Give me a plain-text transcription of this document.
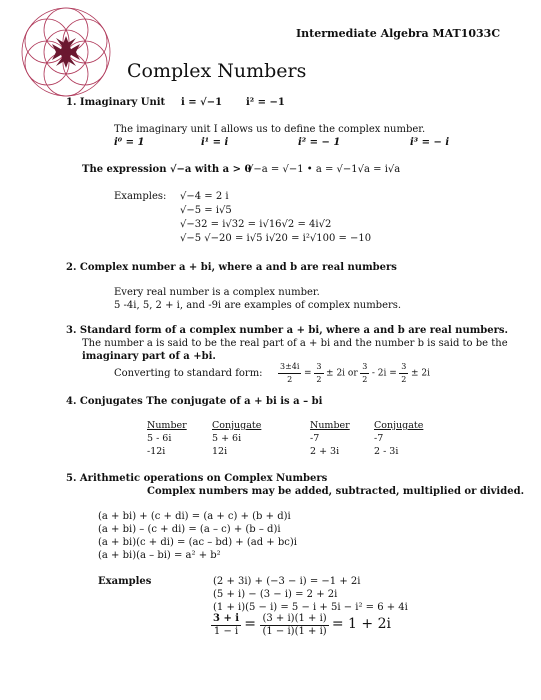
Intermediate Algebra MAT1033C
Complex Numbers
1. Imaginary Unit i = √−1 i² = −1
The imaginary unit I allows us to define the complex number.
i⁰ = 1	i¹ = i	i² = − 1	i³ = − i
The expression √−a with a > 0
√−a = √−1 • a = √−1√a = i√a
Examples: √−4 = 2 i
√−5 = i√5
√−32 = i√32 = i√16√2 = 4i√2
√−5 √−20 = i√5 i√20 = i²√100 = −10
2. Complex number a + bi, where a and b are real numbers
Every real number is a complex number.
5 -4i, 5, 2 + i, and -9i are examples of complex numbers.
3. Standard form of a complex number a + bi, where a and b are real numbers.
The number a is said to be the real part of a + bi and the number b is said to be the
imaginary part of a +bi.
Converting to standard form: $\frac{3\pm 4i}{2} = \frac{3}{2} \pm 2i$ or $\frac{3}{2} - 2i = \frac{3}{2} \pm 2i$
4. Conjugates The conjugate of a + bi is a – bi
Number	Conjugate	Number	Conjugate
5 - 6i	5 + 6i	-7	-7
-12i	12i	2 + 3i	2 - 3i
5. Arithmetic operations on Complex Numbers
Complex numbers may be added, subtracted, multiplied or divided.
(a + bi) + (c + di) = (a + c) + (b + d)i
(a + bi) – (c + di) = (a – c) + (b – d)i
(a + bi)(c + di) = (ac – bd) + (ad + bc)i
(a + bi)(a – bi) = a² + b²
Examples	(2 + 3i) + (−3 − i) = −1 + 2i
(5 + i) − (3 − i) = 2 + 2i
(1 + i)(5 − i) = 5 − i + 5i − i² = 6 + 4i
$\frac{3 + i}{1 - i} = \frac{(3 + i)(1 + i)}{(1 - i)(1 + i)} = 1 + 2i$
